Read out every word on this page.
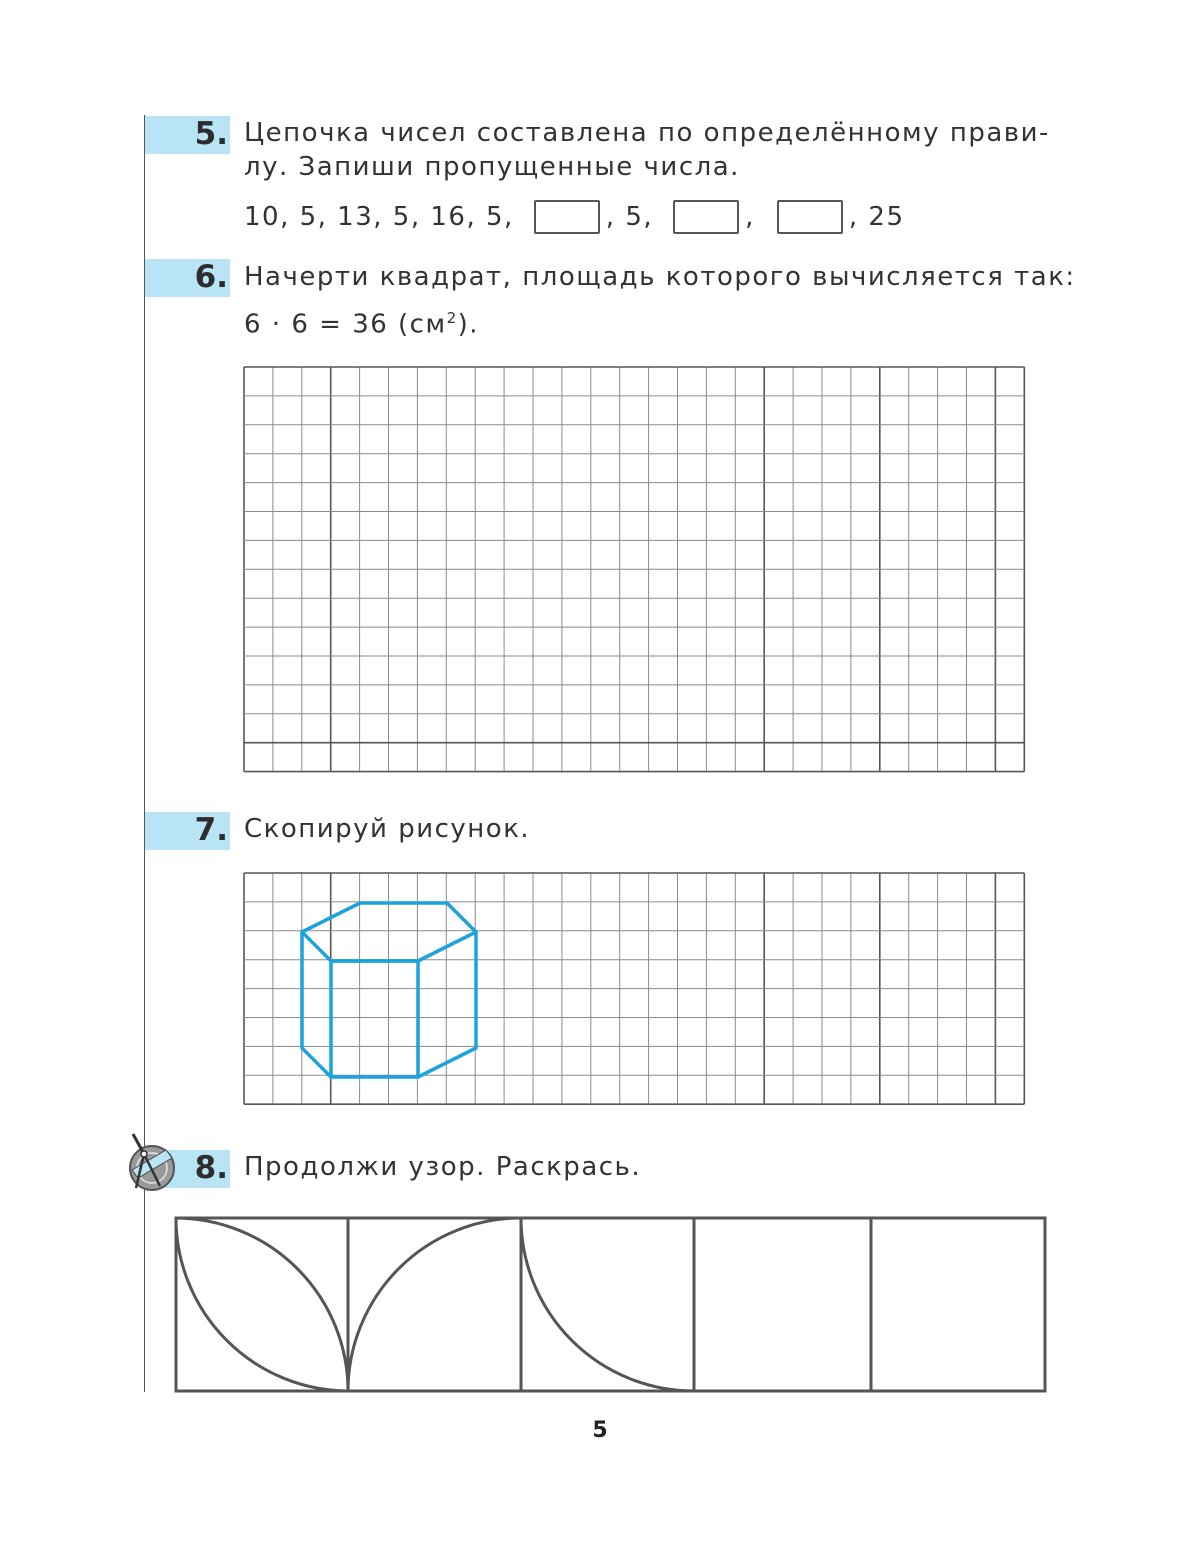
5. Цепочка чисел составлена по определённому прави-
лу. Запиши пропущенные числа.
10, 5, 13, 5, 16, 5,	, 5,	,	, 25
6. Начерти квадрат, площадь которого вычисляется так:
6 · 6 = 36 $(см^2)$.
7. Скопируй рисунок.
8. Продолжи узор. Раскрась.
5
